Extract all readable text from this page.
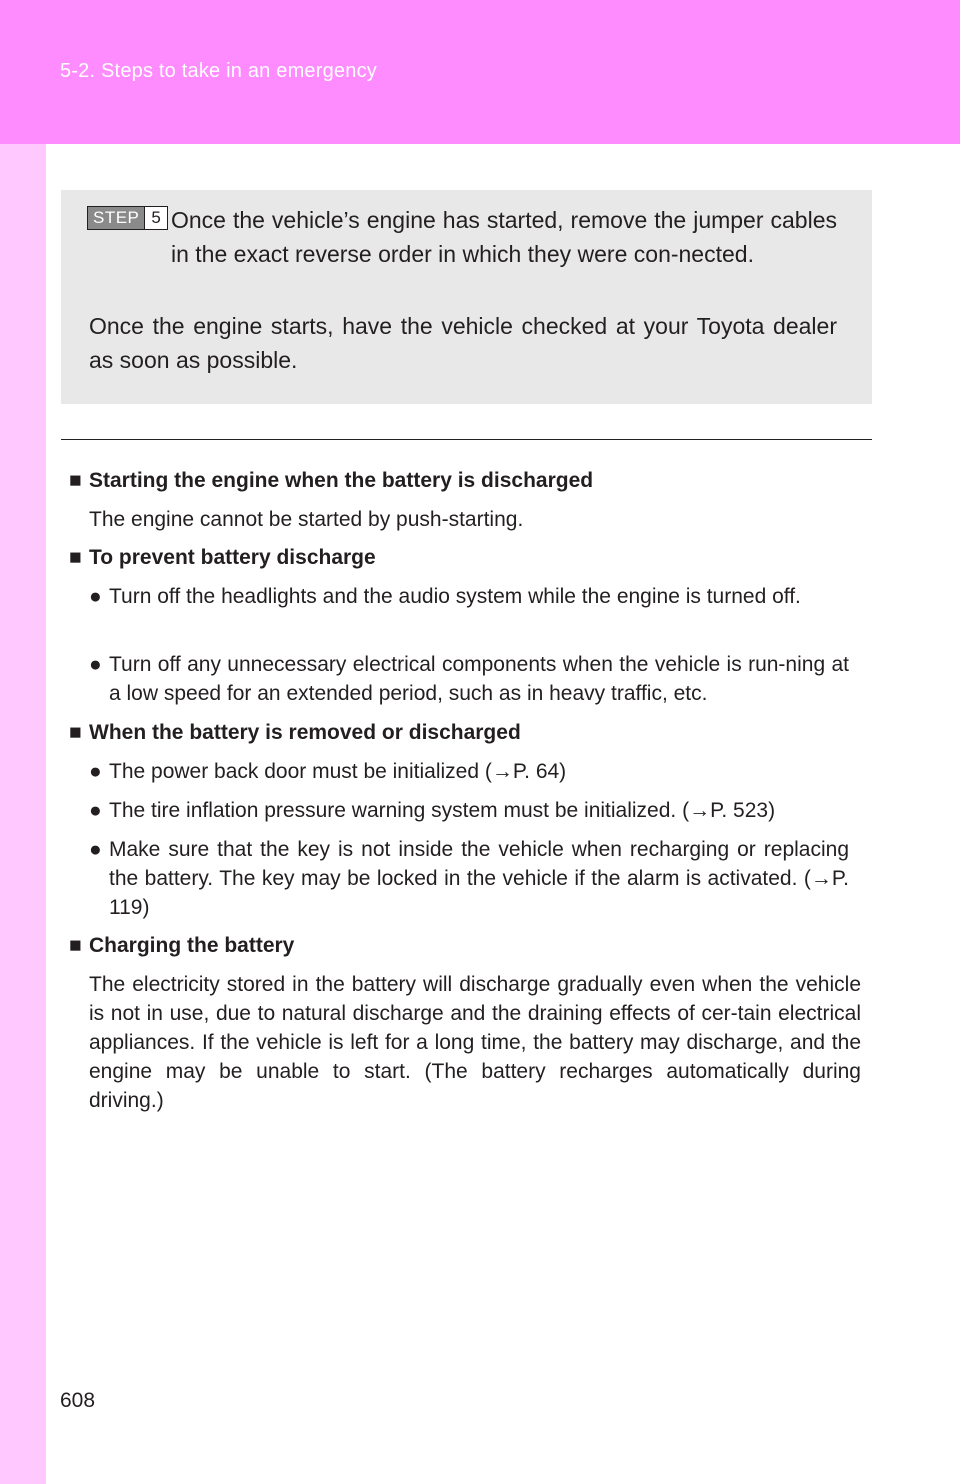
5-2. Steps to take in an emergency
STEP 5 Once the vehicle’s engine has started, remove the jumper cables in the exact reverse order in which they were con-nected.
Once the engine starts, have the vehicle checked at your Toyota dealer as soon as possible.
■ Starting the engine when the battery is discharged
The engine cannot be started by push-starting.
■ To prevent battery discharge
● Turn off the headlights and the audio system while the engine is turned off.
● Turn off any unnecessary electrical components when the vehicle is run-ning at a low speed for an extended period, such as in heavy traffic, etc.
■ When the battery is removed or discharged
● The power back door must be initialized (→P. 64)
● The tire inflation pressure warning system must be initialized. (→P. 523)
● Make sure that the key is not inside the vehicle when recharging or replacing the battery. The key may be locked in the vehicle if the alarm is activated. (→P. 119)
■ Charging the battery
The electricity stored in the battery will discharge gradually even when the vehicle is not in use, due to natural discharge and the draining effects of cer-tain electrical appliances. If the vehicle is left for a long time, the battery may discharge, and the engine may be unable to start. (The battery recharges automatically during driving.)
608
carmanualsonline.info
